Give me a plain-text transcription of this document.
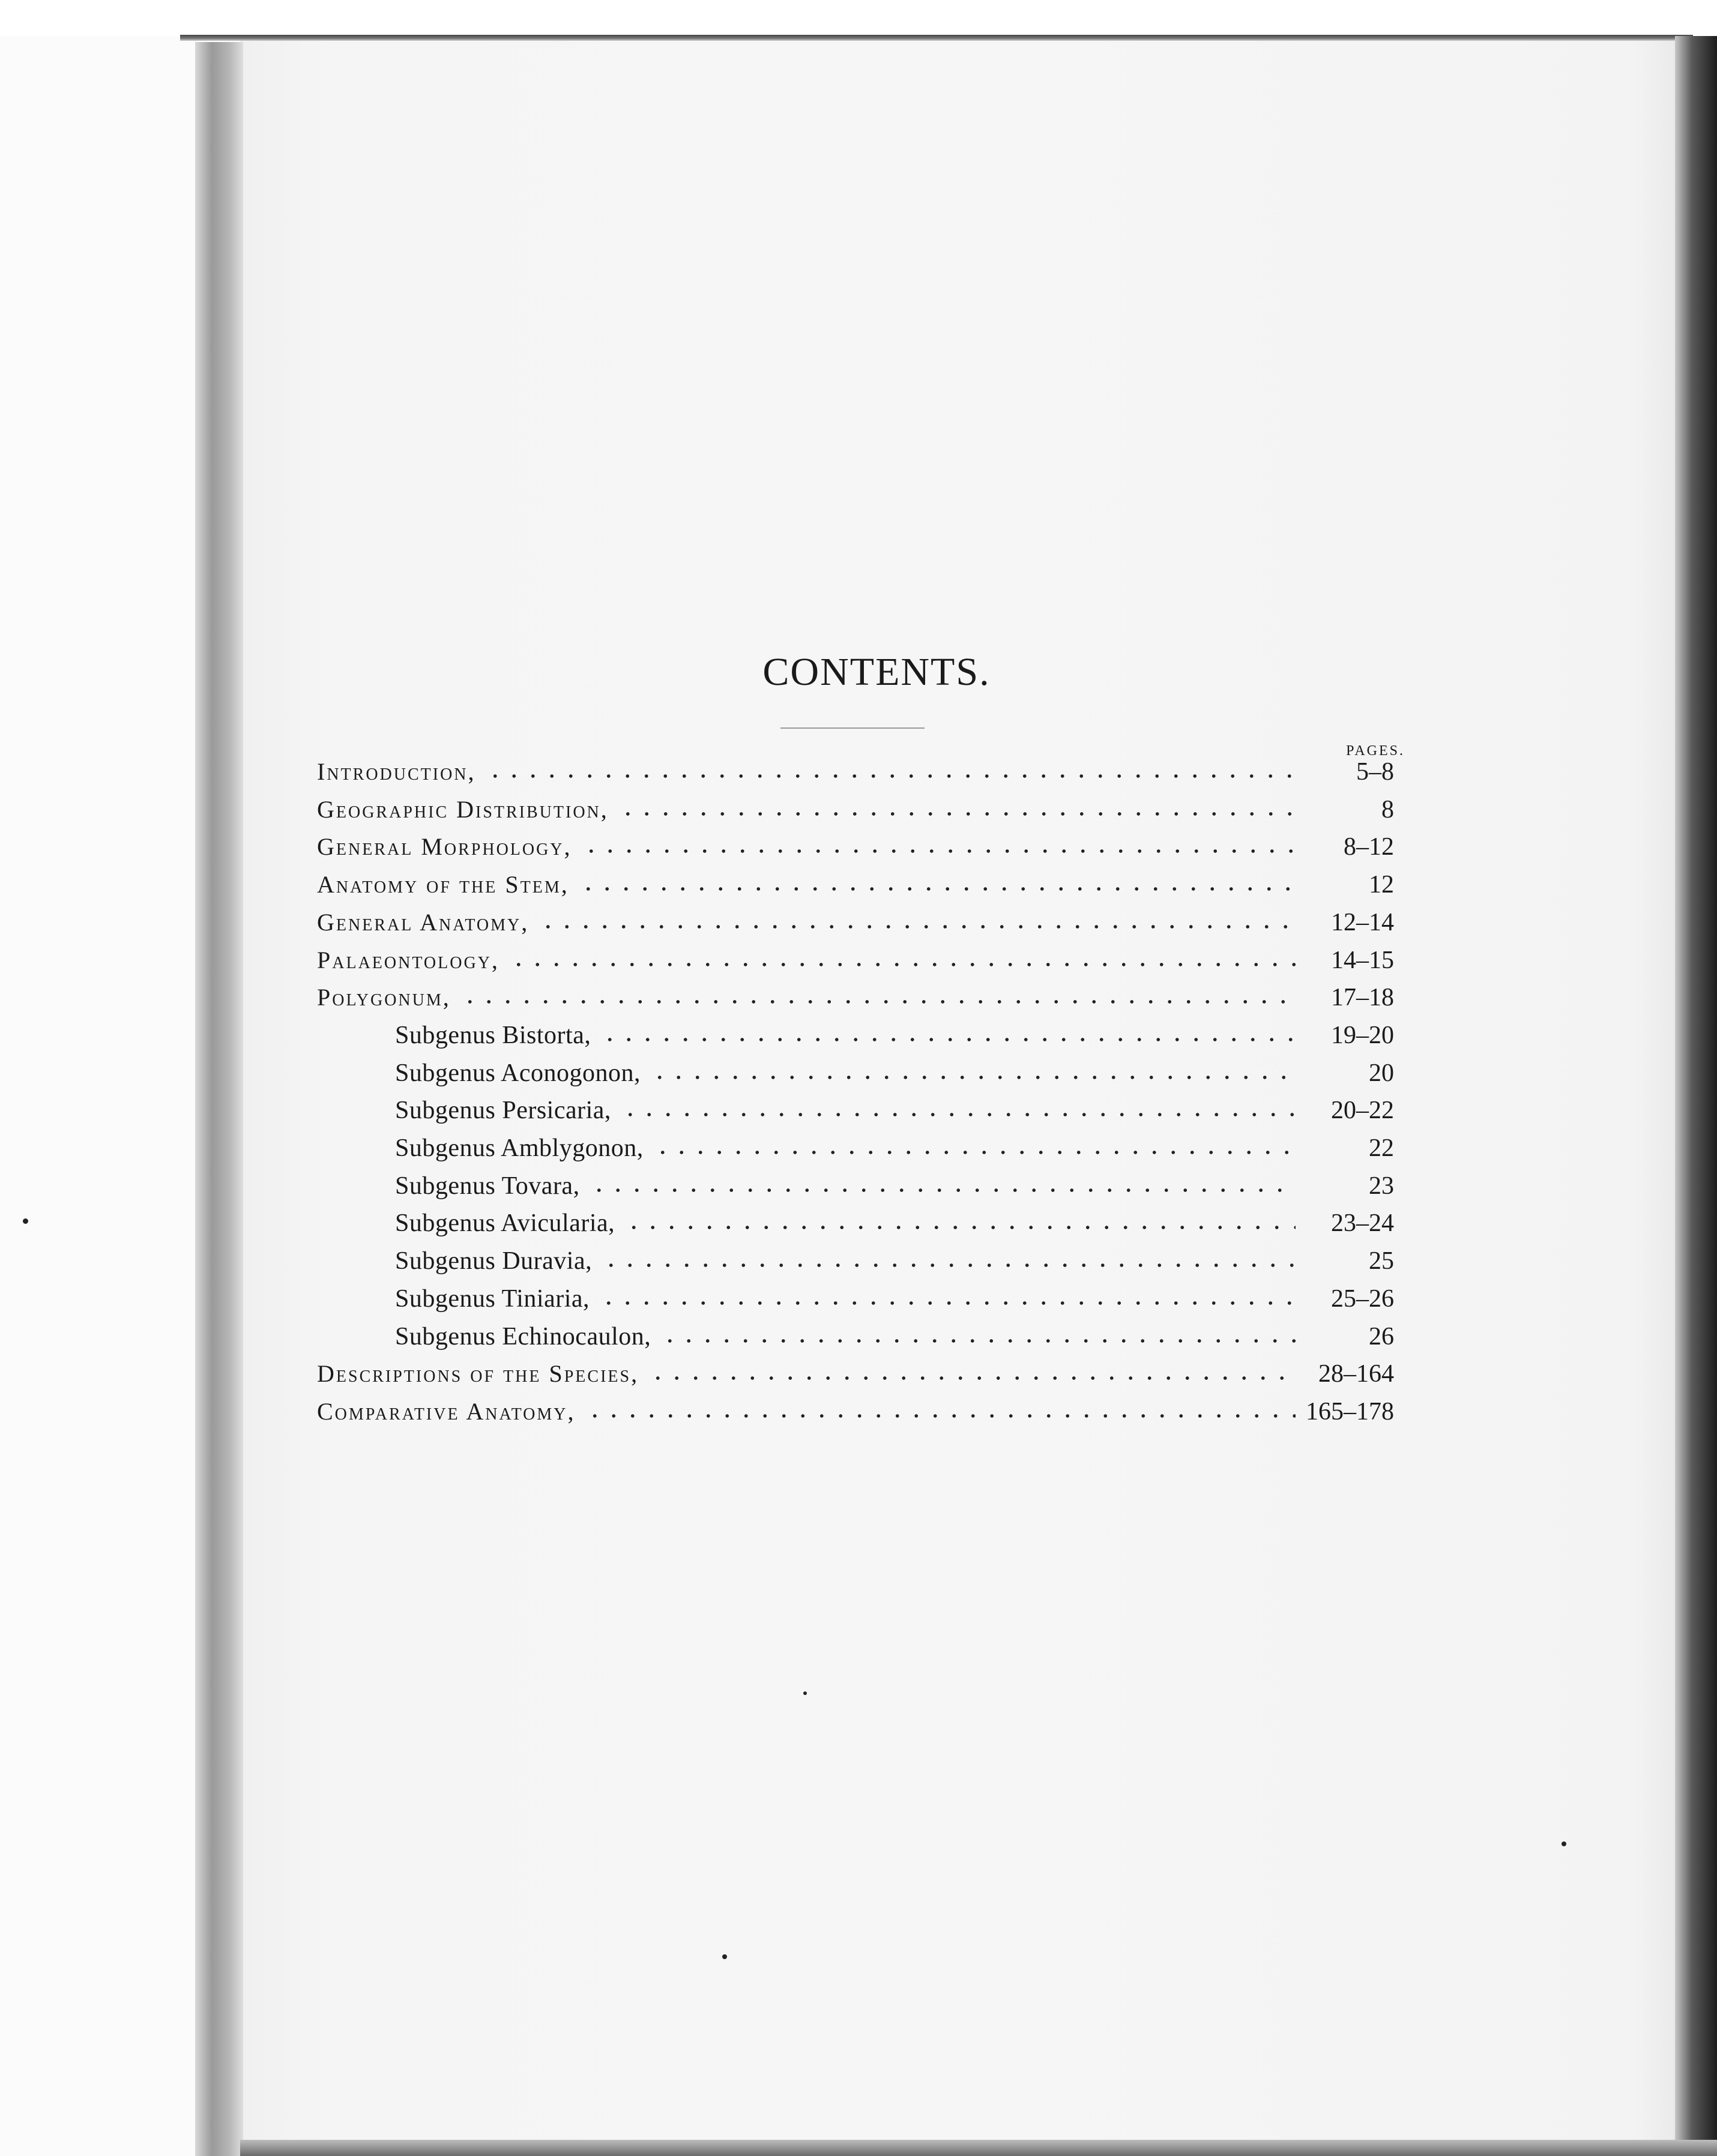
CONTENTS.
PAGES.
Introduction,	5–8
Geographic Distribution,	8
General Morphology,	8–12
Anatomy of the Stem,	12
General Anatomy,	12–14
Palaeontology,	14–15
Polygonum,	17–18
Subgenus Bistorta,	19–20
Subgenus Aconogonon,	20
Subgenus Persicaria,	20–22
Subgenus Amblygonon,	22
Subgenus Tovara,	23
Subgenus Avicularia,	23–24
Subgenus Duravia,	25
Subgenus Tiniaria,	25–26
Subgenus Echinocaulon,	26
Descriptions of the Species,	28–164
Comparative Anatomy,	165–178
